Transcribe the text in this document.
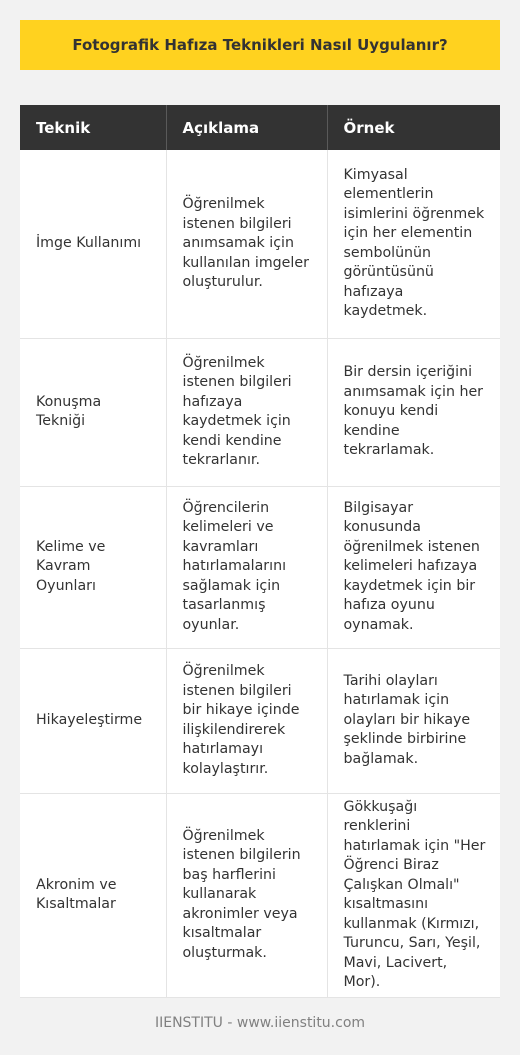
Fotografik Hafıza Teknikleri Nasıl Uygulanır?
Teknik	Açıklama	Örnek
İmge Kullanımı	Öğrenilmek istenen bilgileri anımsamak için kullanılan imgeler oluşturulur.	Kimyasal elementlerin isimlerini öğrenmek için her elementin sembolünün görüntüsünü hafızaya kaydetmek.
Konuşma Tekniği	Öğrenilmek istenen bilgileri hafızaya kaydetmek için kendi kendine tekrarlanır.	Bir dersin içeriğini anımsamak için her konuyu kendi kendine tekrarlamak.
Kelime ve Kavram Oyunları	Öğrencilerin kelimeleri ve kavramları hatırlamalarını sağlamak için tasarlanmış oyunlar.	Bilgisayar konusunda öğrenilmek istenen kelimeleri hafızaya kaydetmek için bir hafıza oyunu oynamak.
Hikayeleştirme	Öğrenilmek istenen bilgileri bir hikaye içinde ilişkilendirerek hatırlamayı kolaylaştırır.	Tarihi olayları hatırlamak için olayları bir hikaye şeklinde birbirine bağlamak.
Akronim ve Kısaltmalar	Öğrenilmek istenen bilgilerin baş harflerini kullanarak akronimler veya kısaltmalar oluşturmak.	Gökkuşağı renklerini hatırlamak için "Her Öğrenci Biraz Çalışkan Olmalı" kısaltmasını kullanmak (Kırmızı, Turuncu, Sarı, Yeşil, Mavi, Lacivert, Mor).
IIENSTITU - www.iienstitu.com
